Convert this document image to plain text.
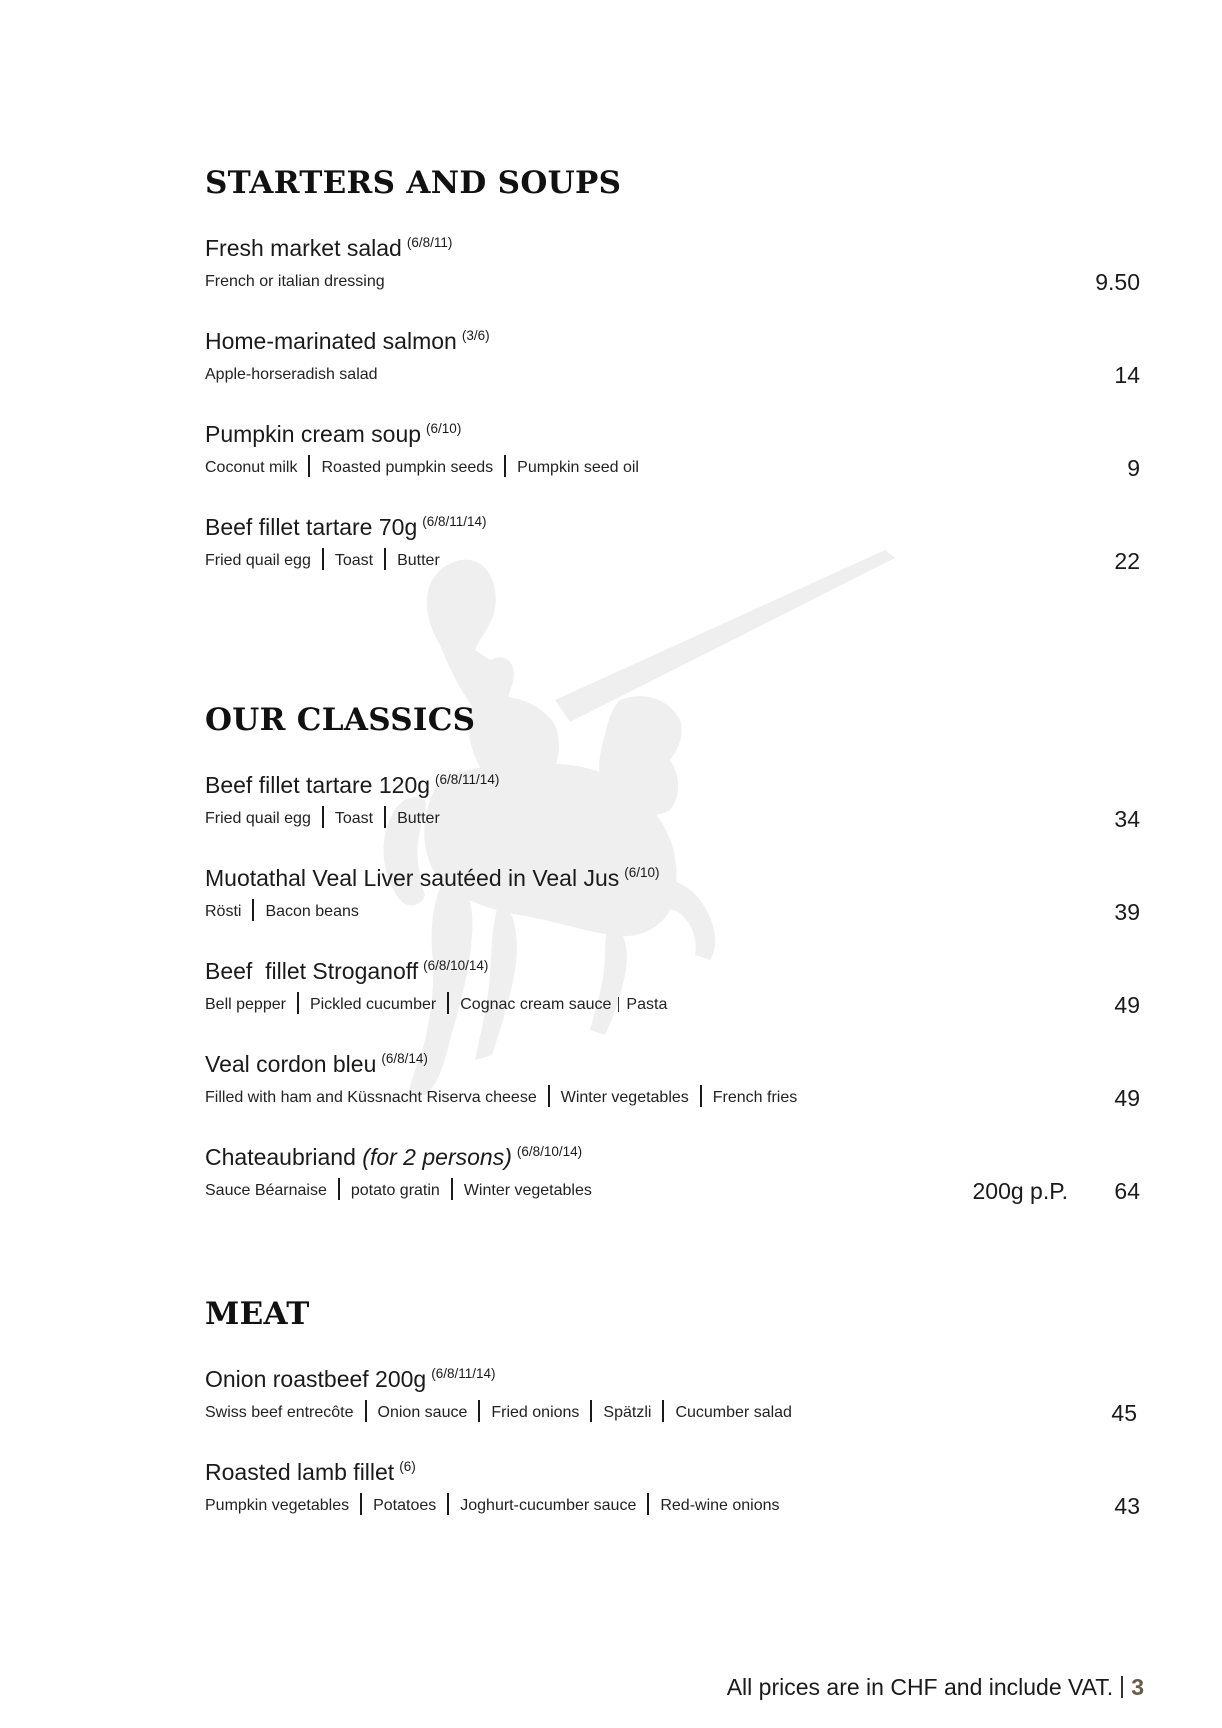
STARTERS AND SOUPS
Fresh market salad $^{(6/8/11)}$
French or italian dressing	9.50
Home-marinated salmon $^{(3/6)}$
Apple-horseradish salad	14
Pumpkin cream soup $^{(6/10)}$
Coconut milk Roasted pumpkin seeds Pumpkin seed oil	9
Beef fillet tartare 70g $^{(6/8/11/14)}$
Fried quail egg Toast Butter	22
OUR CLASSICS
Beef fillet tartare 120g $^{(6/8/11/14)}$
Fried quail egg Toast Butter	34
Muotathal Veal Liver sautéed in Veal Jus $^{(6/10)}$
Rösti Bacon beans	39
Beef  fillet Stroganoff $^{(6/8/10/14)}$
Bell pepper Pickled cucumber Cognac cream sauce Pasta	49
Veal cordon bleu $^{(6/8/14)}$
Filled with ham and Küssnacht Riserva cheese Winter vegetables French fries	49
Chateaubriand (for 2 persons) $^{(6/8/10/14)}$
Sauce Béarnaise potato gratin Winter vegetables	200g p.P. 64
MEAT
Onion roastbeef 200g $^{(6/8/11/14)}$
Swiss beef entrecôte Onion sauce Fried onions Spätzli Cucumber salad	45
Roasted lamb fillet $^{(6)}$
Pumpkin vegetables Potatoes Joghurt-cucumber sauce Red-wine onions	43
All prices are in CHF and include VAT. 3
